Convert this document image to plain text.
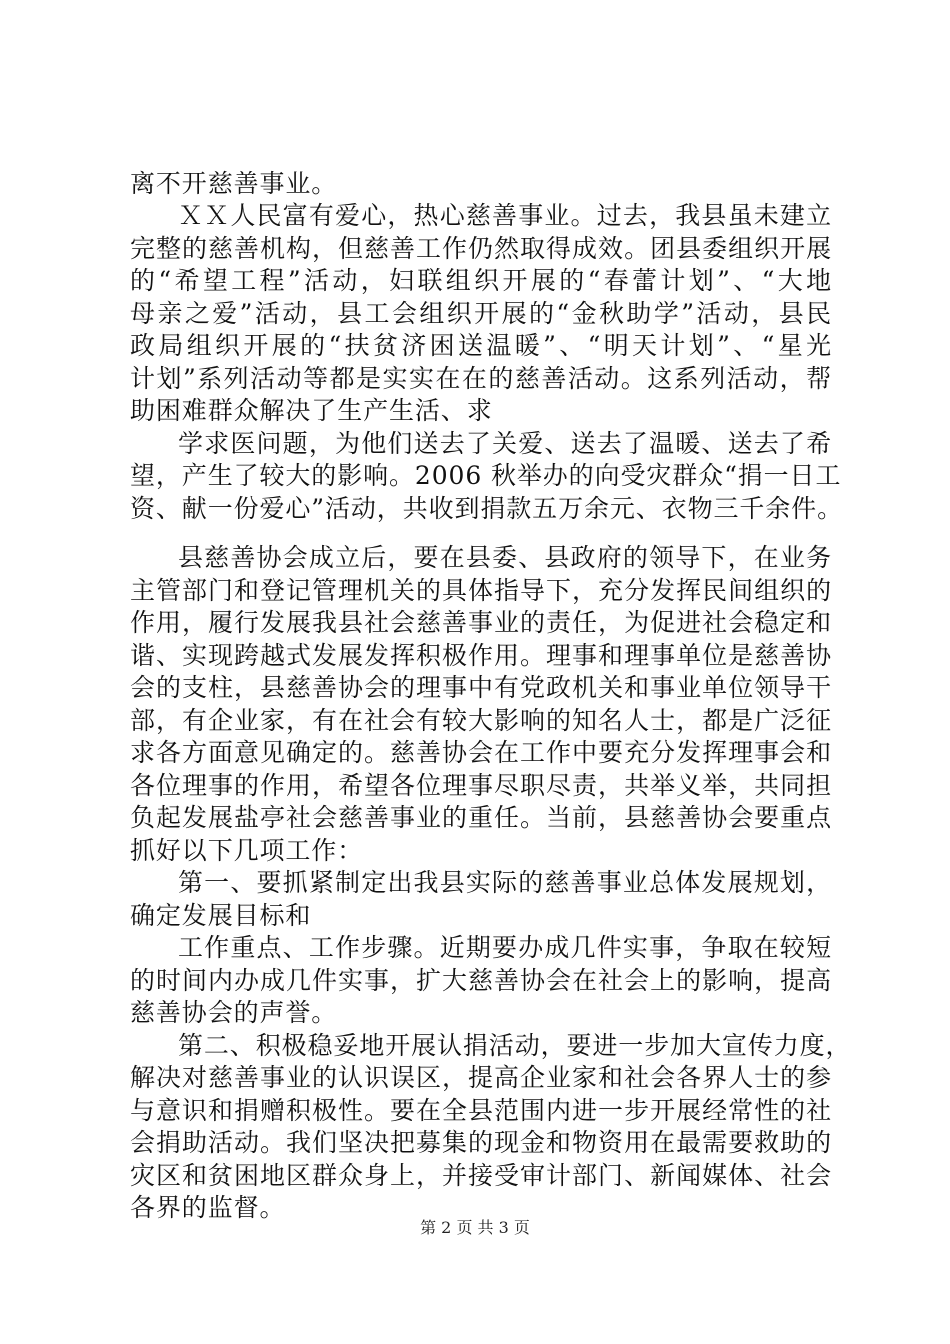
离不开慈善事业。
ＸＸ人民富有爱心，热心慈善事业。过去，我县虽未建立
完整的慈善机构，但慈善工作仍然取得成效。团县委组织开展
的“希望工程”活动，妇联组织开展的“春蕾计划”、“大地
母亲之爱”活动，县工会组织开展的“金秋助学”活动，县民
政局组织开展的“扶贫济困送温暖”、“明天计划”、“星光
计划”系列活动等都是实实在在的慈善活动。这系列活动，帮
助困难群众解决了生产生活、求
学求医问题，为他们送去了关爱、送去了温暖、送去了希
望，产生了较大的影响。2006 秋举办的向受灾群众“捐一日工
资、献一份爱心”活动，共收到捐款五万余元、衣物三千余件。
县慈善协会成立后，要在县委、县政府的领导下，在业务
主管部门和登记管理机关的具体指导下，充分发挥民间组织的
作用，履行发展我县社会慈善事业的责任，为促进社会稳定和
谐、实现跨越式发展发挥积极作用。理事和理事单位是慈善协
会的支柱，县慈善协会的理事中有党政机关和事业单位领导干
部，有企业家，有在社会有较大影响的知名人士，都是广泛征
求各方面意见确定的。慈善协会在工作中要充分发挥理事会和
各位理事的作用，希望各位理事尽职尽责，共举义举，共同担
负起发展盐亭社会慈善事业的重任。当前，县慈善协会要重点
抓好以下几项工作：
第一、要抓紧制定出我县实际的慈善事业总体发展规划，
确定发展目标和
工作重点、工作步骤。近期要办成几件实事，争取在较短
的时间内办成几件实事，扩大慈善协会在社会上的影响，提高
慈善协会的声誉。
第二、积极稳妥地开展认捐活动，要进一步加大宣传力度，
解决对慈善事业的认识误区，提高企业家和社会各界人士的参
与意识和捐赠积极性。要在全县范围内进一步开展经常性的社
会捐助活动。我们坚决把募集的现金和物资用在最需要救助的
灾区和贫困地区群众身上，并接受审计部门、新闻媒体、社会
各界的监督。
第 2 页 共 3 页
